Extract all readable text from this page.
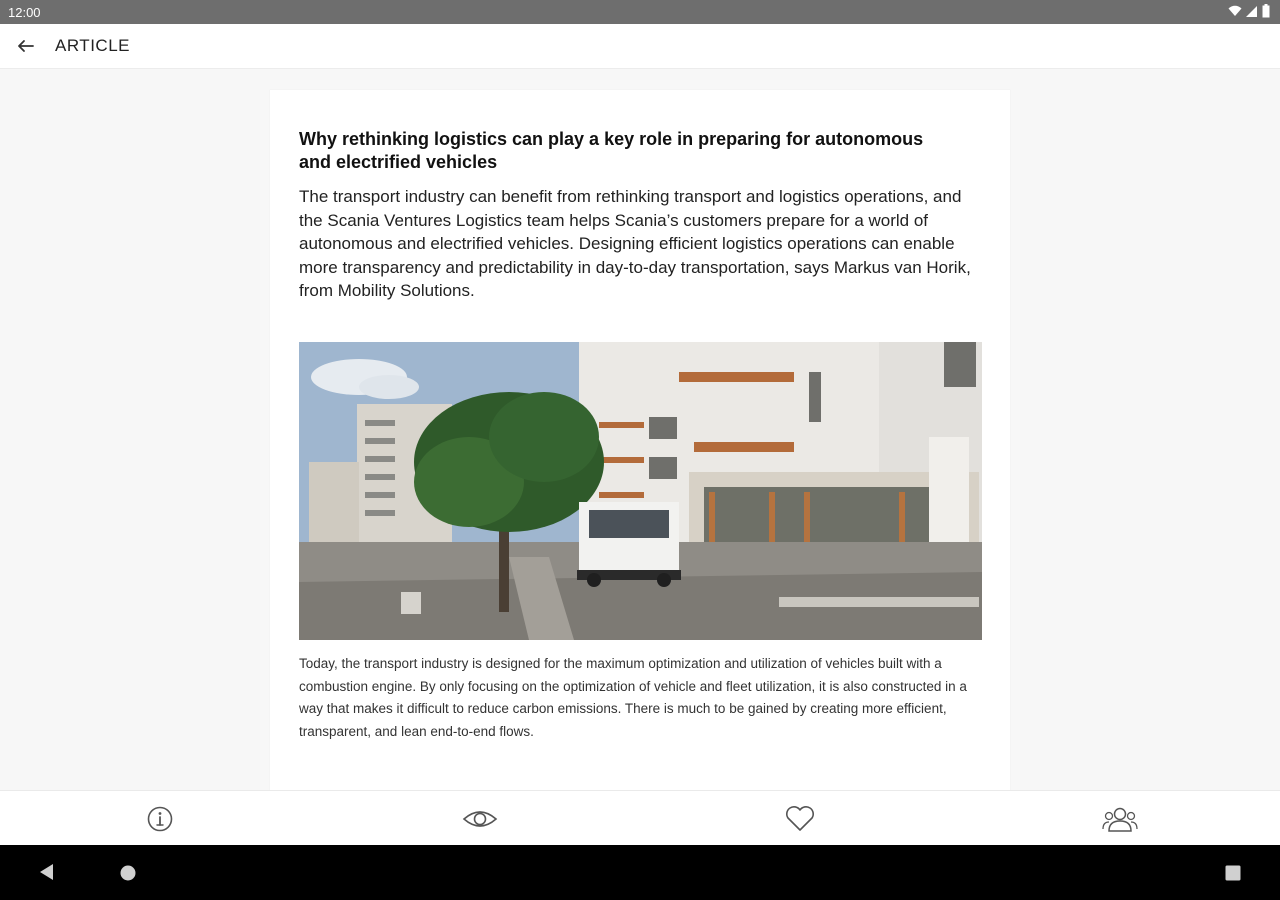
12:00
ARTICLE
Why rethinking logistics can play a key role in preparing for autonomous and electrified vehicles
The transport industry can benefit from rethinking transport and logistics operations, and the Scania Ventures Logistics team helps Scania’s customers prepare for a world of autonomous and electrified vehicles. Designing efficient logistics operations can enable more transparency and predictability in day-to-day transportation, says Markus van Horik, from Mobility Solutions.
Today, the transport industry is designed for the maximum optimization and utilization of vehicles built with a combustion engine. By only focusing on the optimization of vehicle and fleet utilization, it is also constructed in a way that makes it difficult to reduce carbon emissions. There is much to be gained by creating more efficient, transparent, and lean end-to-end flows.
